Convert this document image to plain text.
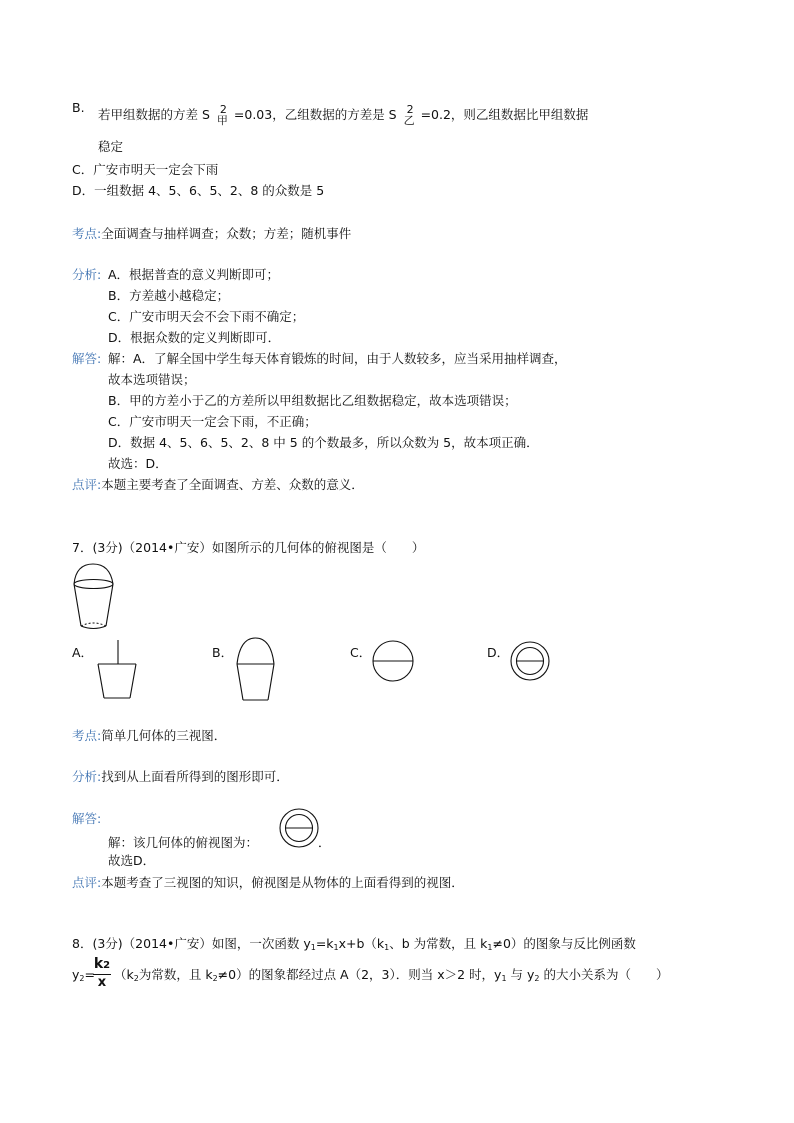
B. 若甲组数据的方差 S 2
甲 =0.03，乙组数据的方差是 S 2
乙 =0.2，则乙组数据比甲组数据
稳定
C．广安市明天一定会下雨
D．一组数据 4、5、6、5、2、8 的众数是 5
考点:全面调查与抽样调查；众数；方差；随机事件
分析: A．根据普查的意义判断即可；
B．方差越小越稳定；
C．广安市明天会不会下雨不确定；
D．根据众数的定义判断即可．
解答: 解：A．了解全国中学生每天体育锻炼的时间，由于人数较多，应当采用抽样调查，
故本选项错误；
B．甲的方差小于乙的方差所以甲组数据比乙组数据稳定，故本选项错误；
C．广安市明天一定会下雨，不正确；
D．数据 4、5、6、5、2、8 中 5 的个数最多，所以众数为 5，故本项正确．
故选：D．
点评:本题主要考查了全面调查、方差、众数的意义．
7．(3分)（2014•广安）如图所示的几何体的俯视图是（　　）
A．	B．	C．	D．
考点:简单几何体的三视图．
分析:找到从上面看所得到的图形即可．
解答:
解：该几何体的俯视图为：	．
故选D．
点评:本题考查了三视图的知识，俯视图是从物体的上面看得到的视图．
8．(3分)（2014•广安）如图，一次函数 $y_1=k_1x+b(k_1$、b 为常数，且 $k_1\ne 0$）的图象与反比例函数
$y_2=$
k2
x
（$k_2$为常数，且 $k_2\ne 0$）的图象都经过点 A（2，3）．则当 x＞2 时，$y_1$ 与 $y_2$ 的大小关系为（　　）
